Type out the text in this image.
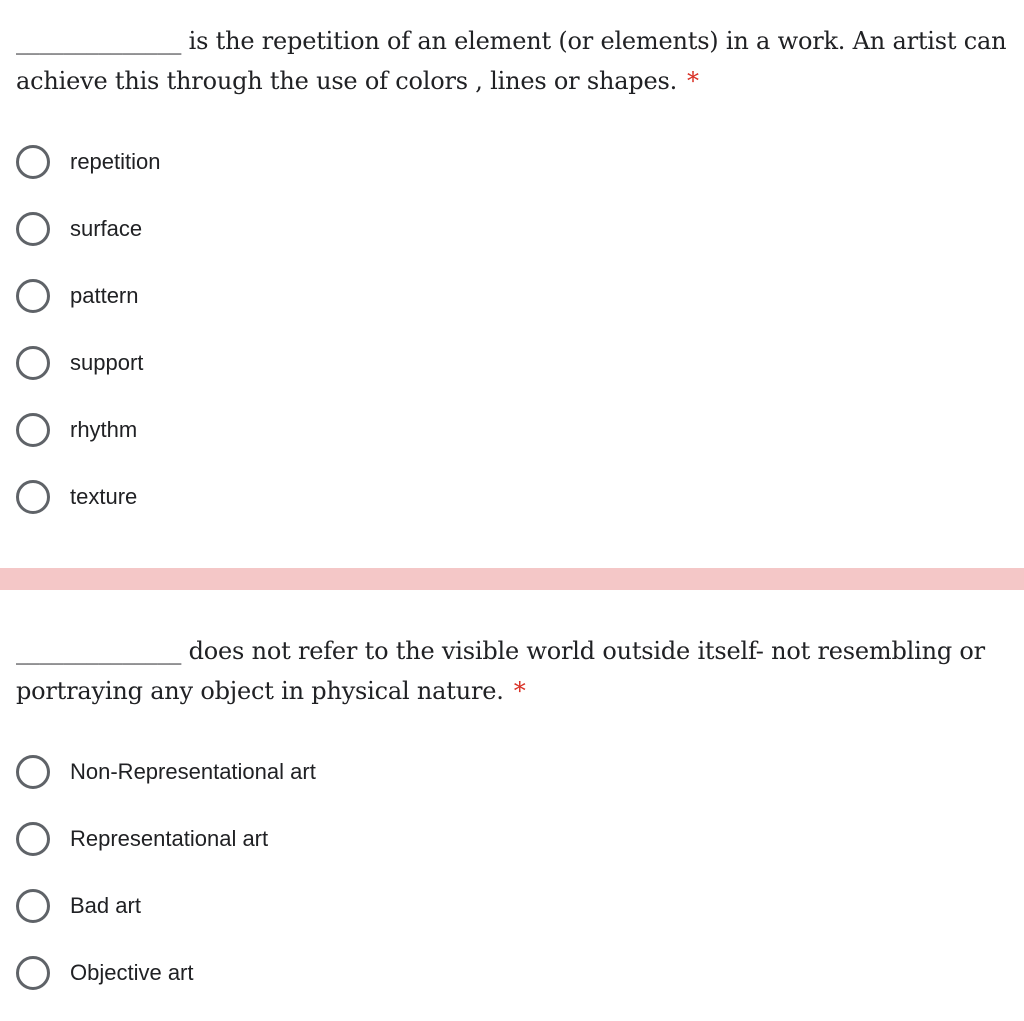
______________ is the repetition of an element (or elements) in a work. An artist can achieve this through the use of colors , lines or shapes. *
repetition
surface
pattern
support
rhythm
texture
______________ does not refer to the visible world outside itself- not resembling or portraying any object in physical nature. *
Non-Representational art
Representational art
Bad art
Objective art
